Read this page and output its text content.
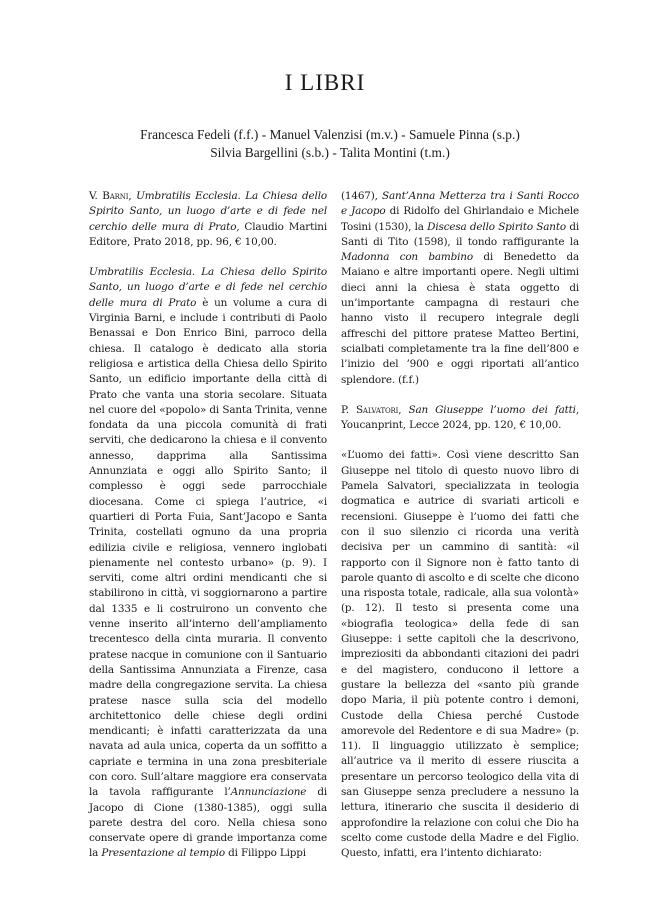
I LIBRI
Francesca Fedeli (f.f.) - Manuel Valenzisi (m.v.) - Samuele Pinna (s.p.)
Silvia Bargellini (s.b.) - Talita Montini (t.m.)

V. Barni, Umbratilis Ecclesia. La Chiesa dello Spirito Santo, un luogo d’arte e di fede nel cerchio delle mura di Prato, Claudio Martini Editore, Prato 2018, pp. 96, € 10,00.

Umbratilis Ecclesia. La Chiesa dello Spirito Santo, un luogo d’arte e di fede nel cerchio delle mura di Prato è un volume a cura di Virginia Barni, e include i contributi di Paolo Benassai e Don Enrico Bini, parroco della chiesa. Il catalogo è dedicato alla storia religiosa e artistica della Chiesa dello Spirito Santo, un edificio importante della città di Prato che vanta una storia secolare. Situata nel cuore del «popolo» di Santa Trinita, venne fondata da una piccola comunità di frati serviti, che dedicarono la chiesa e il convento annesso, dapprima alla Santissima Annunziata e oggi allo Spirito Santo; il complesso è oggi sede parrocchiale diocesana. Come ci spiega l’autrice, «i quartieri di Porta Fuia, Sant’Jacopo e Santa Trinita, costellati ognuno da una propria edilizia civile e religiosa, vennero inglobati pienamente nel contesto urbano» (p. 9). I serviti, come altri ordini mendicanti che si stabilirono in città, vi soggiornarono a partire dal 1335 e li costruirono un convento che venne inserito all’interno dell’ampliamento trecentesco della cinta muraria. Il convento pratese nacque in comunione con il Santuario della Santissima Annunziata a Firenze, casa madre della congregazione servita. La chiesa pratese nasce sulla scia del modello architettonico delle chiese degli ordini mendicanti; è infatti caratterizzata da una navata ad aula unica, coperta da un soffitto a capriate e termina in una zona presbiteriale con coro. Sull’altare maggiore era conservata la tavola raffigurante l’Annunciazione di Jacopo di Cione (1380-1385), oggi sulla parete destra del coro. Nella chiesa sono conservate opere di grande importanza come la Presentazione al tempio di Filippo Lippi

(1467), Sant’Anna Metterza tra i Santi Rocco e Jacopo di Ridolfo del Ghirlandaio e Michele Tosini (1530), la Discesa dello Spirito Santo di Santi di Tito (1598), il tondo raffigurante la Madonna con bambino di Benedetto da Maiano e altre importanti opere. Negli ultimi dieci anni la chiesa è stata oggetto di un’importante campagna di restauri che hanno visto il recupero integrale degli affreschi del pittore pratese Matteo Bertini, scialbati completamente tra la fine dell’800 e l’inizio del ’900 e oggi riportati all’antico splendore. (f.f.)

P. Salvatori, San Giuseppe l’uomo dei fatti, Youcanprint, Lecce 2024, pp. 120, € 10,00.

«L’uomo dei fatti». Così viene descritto San Giuseppe nel titolo di questo nuovo libro di Pamela Salvatori, specializzata in teologia dogmatica e autrice di svariati articoli e recensioni. Giuseppe è l’uomo dei fatti che con il suo silenzio ci ricorda una verità decisiva per un cammino di santità: «il rapporto con il Signore non è fatto tanto di parole quanto di ascolto e di scelte che dicono una risposta totale, radicale, alla sua volontà» (p. 12). Il testo si presenta come una «biografia teologica» della fede di san Giuseppe: i sette capitoli che la descrivono, impreziositi da abbondanti citazioni dei padri e del magistero, conducono il lettore a gustare la bellezza del «santo più grande dopo Maria, il più potente contro i demoni, Custode della Chiesa perché Custode amorevole del Redentore e di sua Madre» (p. 11). Il linguaggio utilizzato è semplice; all’autrice va il merito di essere riuscita a presentare un percorso teologico della vita di san Giuseppe senza precludere a nessuno la lettura, itinerario che suscita il desiderio di approfondire la relazione con colui che Dio ha scelto come custode della Madre e del Figlio. Questo, infatti, era l’intento dichiarato:
